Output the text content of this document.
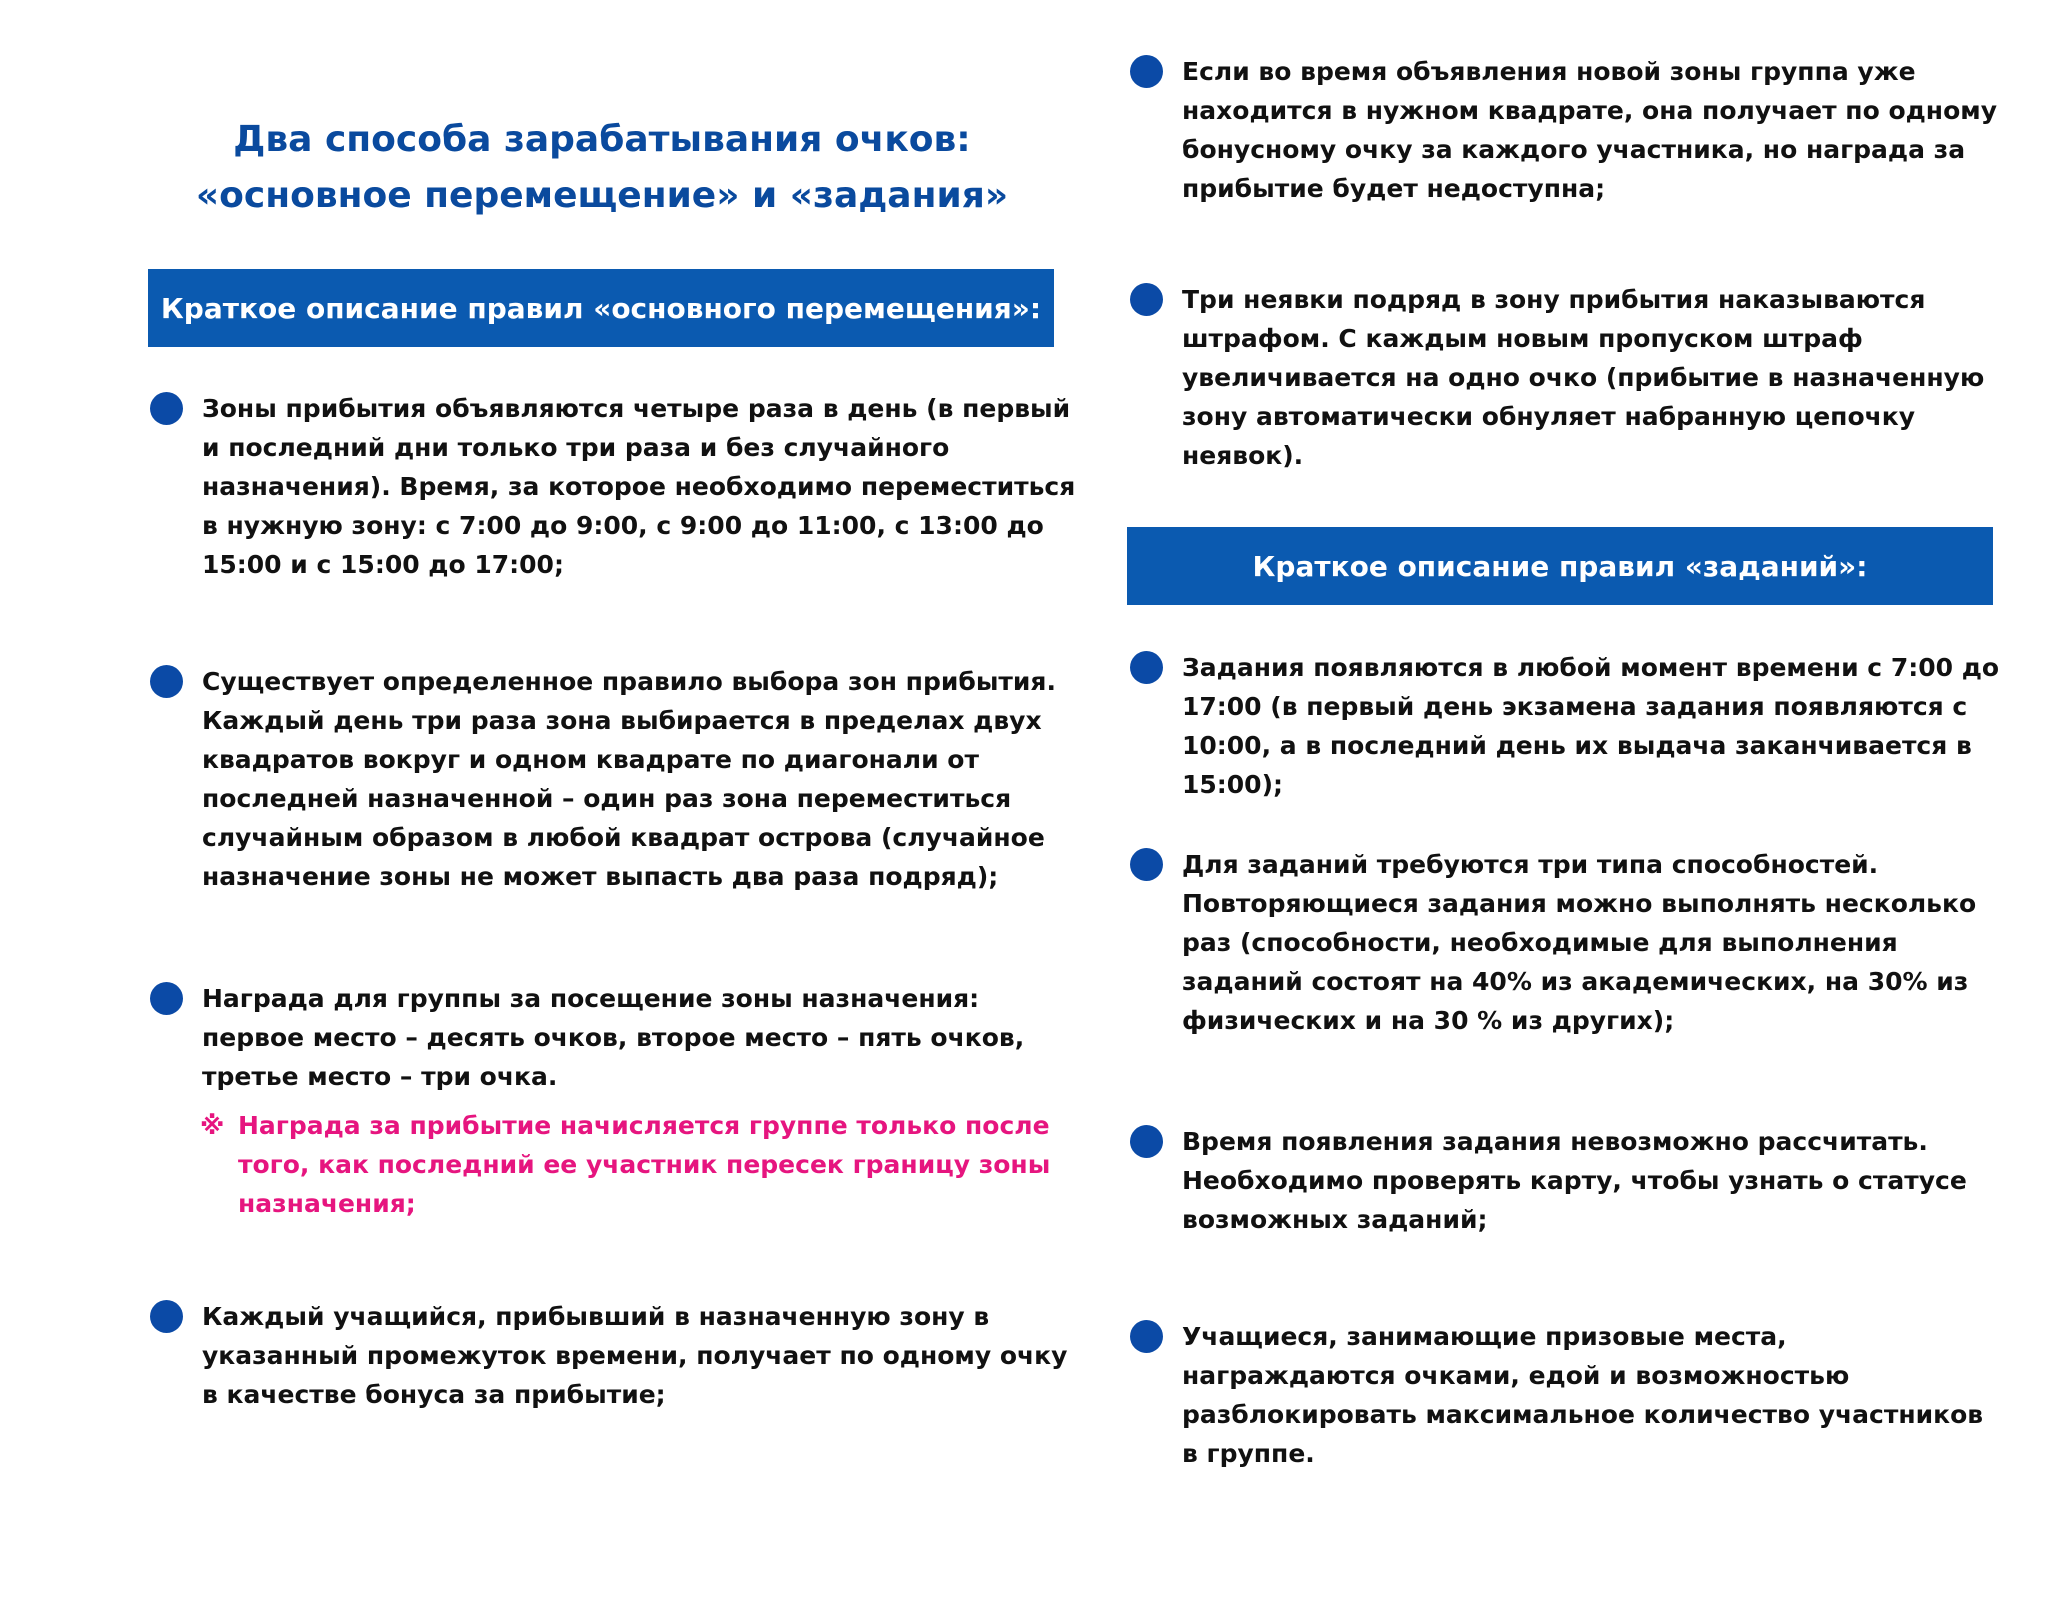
Два способа зарабатывания очков:
«основное перемещение» и «задания»
Краткое описание правил «основного перемещения»:

Зоны прибытия объявляются четыре раза в день (в первый и последний дни только три раза и без случайного назначения). Время, за которое необходимо переместиться в нужную зону: с 7:00 до 9:00, с 9:00 до 11:00, с 13:00 до 15:00 и с 15:00 до 17:00;

Существует определенное правило выбора зон прибытия. Каждый день три раза зона выбирается в пределах двух квадратов вокруг и одном квадрате по диагонали от последней назначенной – один раз зона переместиться случайным образом в любой квадрат острова (случайное назначение зоны не может выпасть два раза подряд);

Награда для группы за посещение зоны назначения: первое место – десять очков, второе место – пять очков, третье место – три очка.

※ Награда за прибытие начисляется группе только после того, как последний ее участник пересек границу зоны назначения;

Каждый учащийся, прибывший в назначенную зону в указанный промежуток времени, получает по одному очку в качестве бонуса за прибытие;

Если во время объявления новой зоны группа уже находится в нужном квадрате, она получает по одному бонусному очку за каждого участника, но награда за прибытие будет недоступна;

Три неявки подряд в зону прибытия наказываются штрафом. С каждым новым пропуском штраф увеличивается на одно очко (прибытие в назначенную зону автоматически обнуляет набранную цепочку неявок).

Краткое описание правил «заданий»:

Задания появляются в любой момент времени с 7:00 до 17:00 (в первый день экзамена задания появляются с 10:00, а в последний день их выдача заканчивается в 15:00);

Для заданий требуются три типа способностей. Повторяющиеся задания можно выполнять несколько раз (способности, необходимые для выполнения заданий состоят на 40% из академических, на 30% из физических и на 30 % из других);

Время появления задания невозможно рассчитать. Необходимо проверять карту, чтобы узнать о статусе возможных заданий;

Учащиеся, занимающие призовые места, награждаются очками, едой и возможностью разблокировать максимальное количество участников в группе.
